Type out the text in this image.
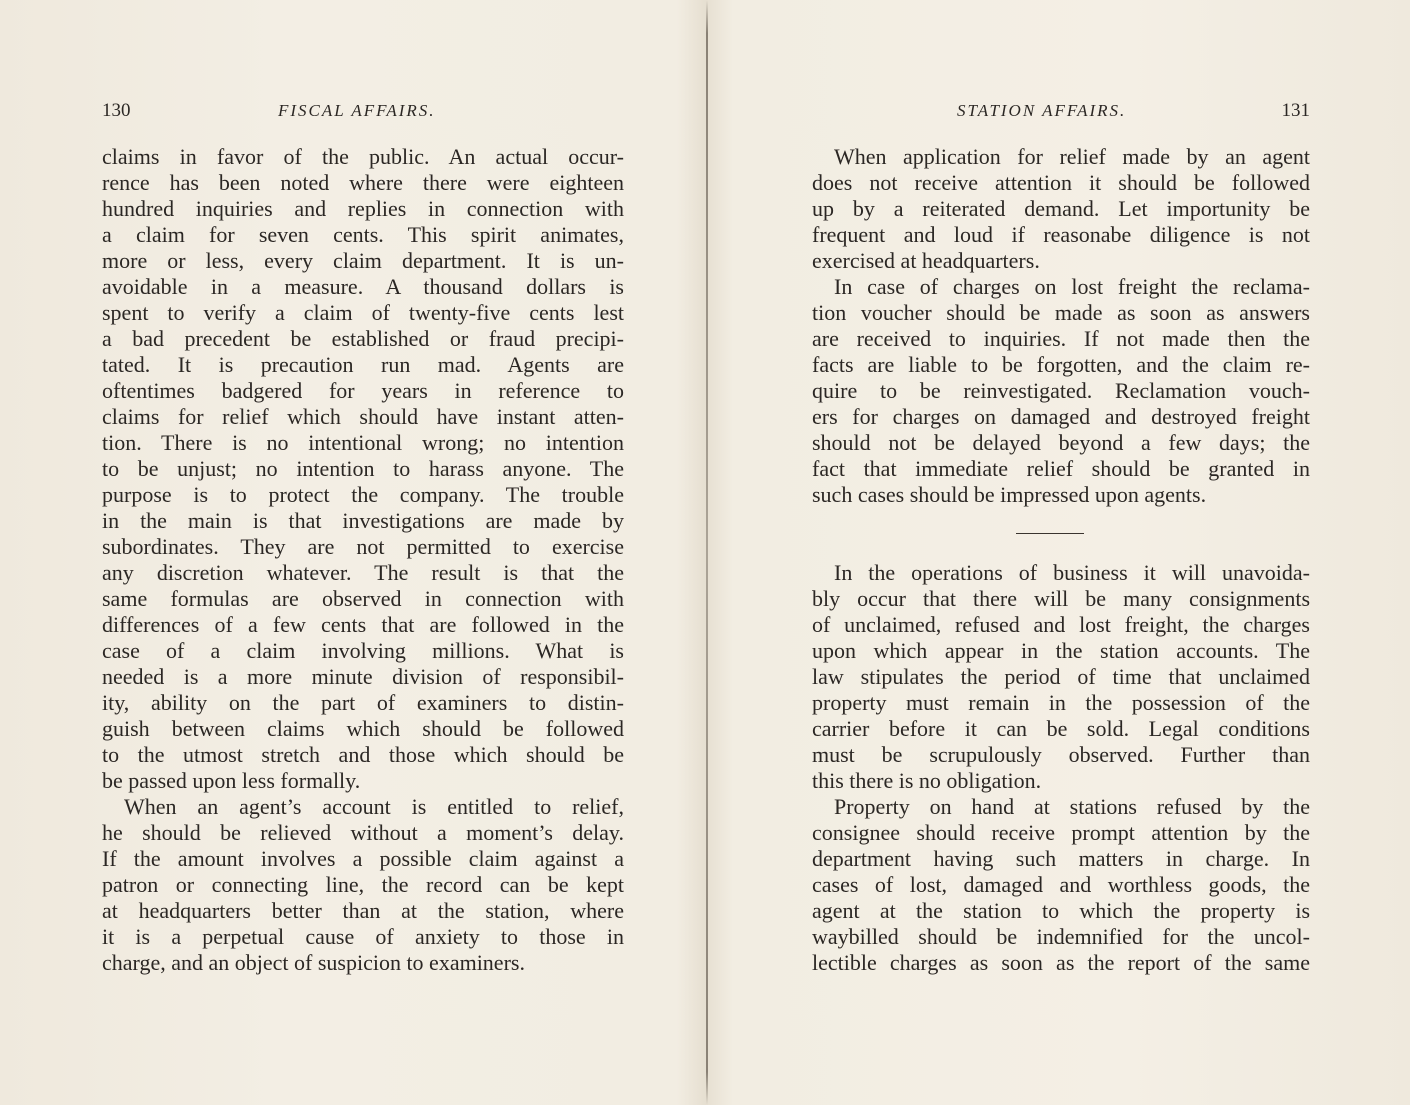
130	FISCAL AFFAIRS.
claims in favor of the public. An actual occur-
rence has been noted where there were eighteen
hundred inquiries and replies in connection with
a claim for seven cents. This spirit animates,
more or less, every claim department. It is un-
avoidable in a measure. A thousand dollars is
spent to verify a claim of twenty-five cents lest
a bad precedent be established or fraud precipi-
tated. It is precaution run mad. Agents are
oftentimes badgered for years in reference to
claims for relief which should have instant atten-
tion. There is no intentional wrong; no intention
to be unjust; no intention to harass anyone. The
purpose is to protect the company. The trouble
in the main is that investigations are made by
subordinates. They are not permitted to exercise
any discretion whatever. The result is that the
same formulas are observed in connection with
differences of a few cents that are followed in the
case of a claim involving millions. What is
needed is a more minute division of responsibil-
ity, ability on the part of examiners to distin-
guish between claims which should be followed
to the utmost stretch and those which should be
be passed upon less formally.
When an agent’s account is entitled to relief,
he should be relieved without a moment’s delay.
If the amount involves a possible claim against a
patron or connecting line, the record can be kept
at headquarters better than at the station, where
it is a perpetual cause of anxiety to those in
charge, and an object of suspicion to examiners.
STATION AFFAIRS.	131
When application for relief made by an agent
does not receive attention it should be followed
up by a reiterated demand. Let importunity be
frequent and loud if reasonabe diligence is not
exercised at headquarters.
In case of charges on lost freight the reclama-
tion voucher should be made as soon as answers
are received to inquiries. If not made then the
facts are liable to be forgotten, and the claim re-
quire to be reinvestigated. Reclamation vouch-
ers for charges on damaged and destroyed freight
should not be delayed beyond a few days; the
fact that immediate relief should be granted in
such cases should be impressed upon agents.
In the operations of business it will unavoida-
bly occur that there will be many consignments
of unclaimed, refused and lost freight, the charges
upon which appear in the station accounts. The
law stipulates the period of time that unclaimed
property must remain in the possession of the
carrier before it can be sold. Legal conditions
must be scrupulously observed. Further than
this there is no obligation.
Property on hand at stations refused by the
consignee should receive prompt attention by the
department having such matters in charge. In
cases of lost, damaged and worthless goods, the
agent at the station to which the property is
waybilled should be indemnified for the uncol-
lectible charges as soon as the report of the same
